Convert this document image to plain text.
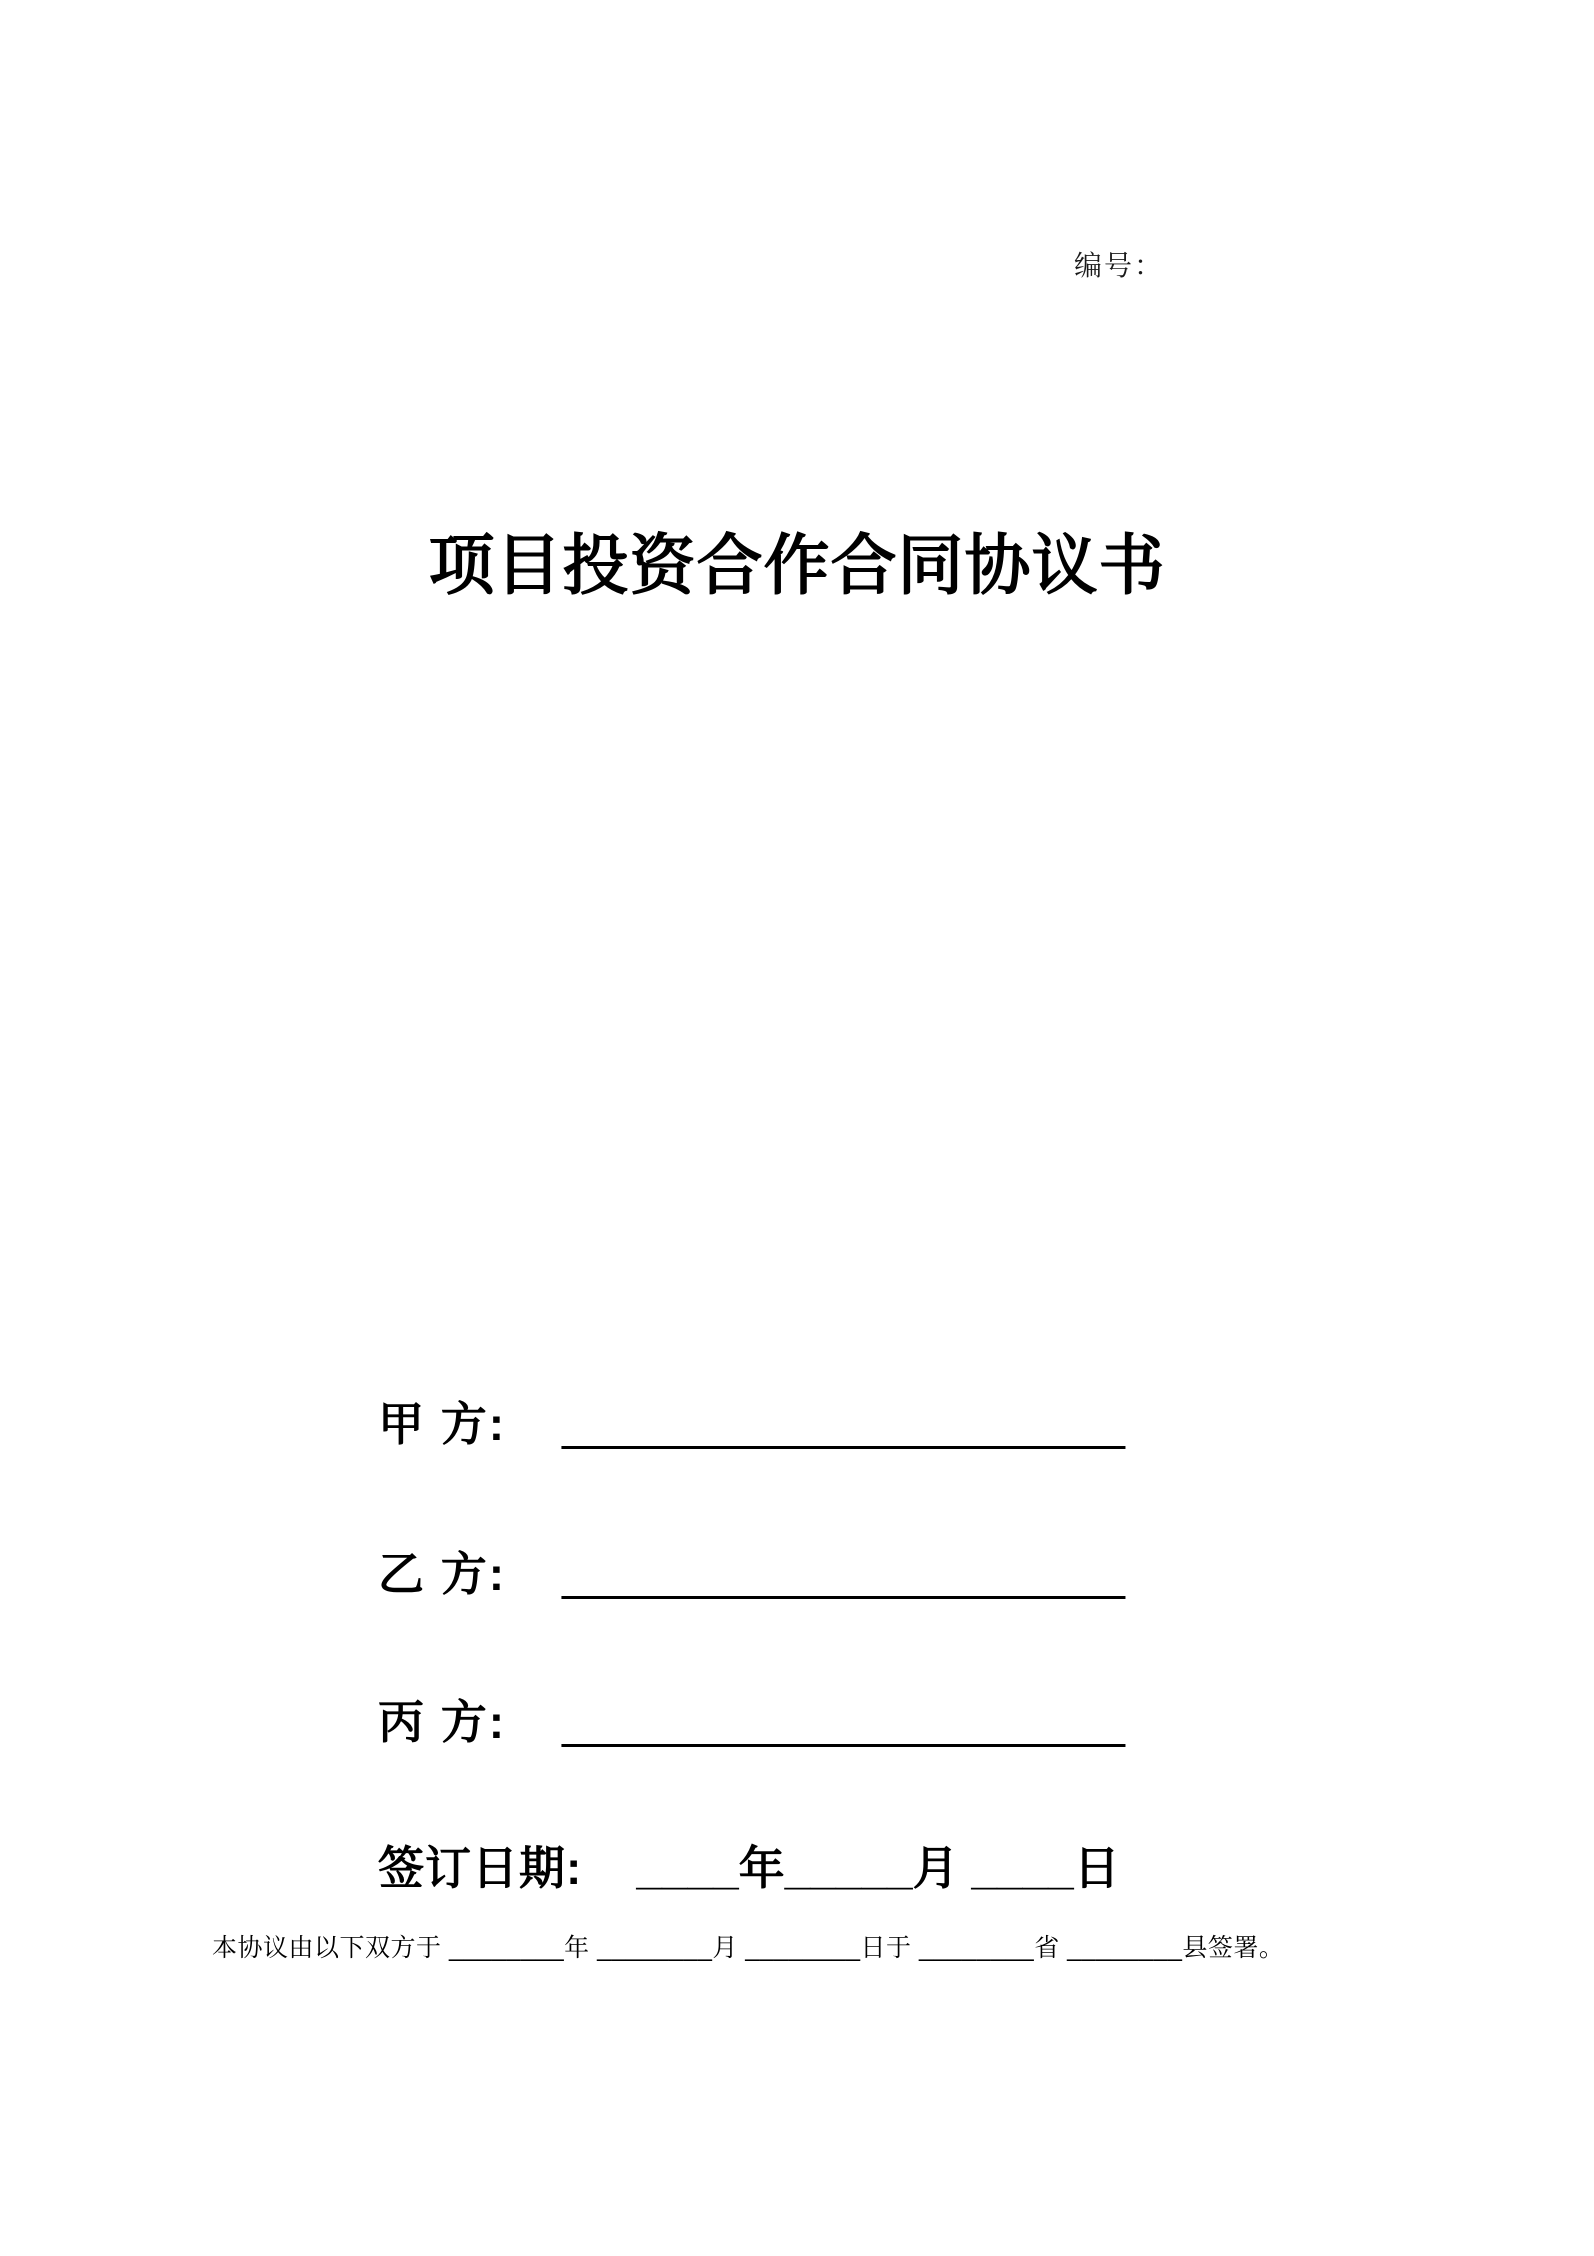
编号：
项目投资合作合同协议书
甲 方: ______________________
乙 方: ______________________
丙 方: ______________________
签订日期: ____年_____月 ____日
本协议由以下双方于 ________年 ________月 ________日于 ________省 ________县签署。
